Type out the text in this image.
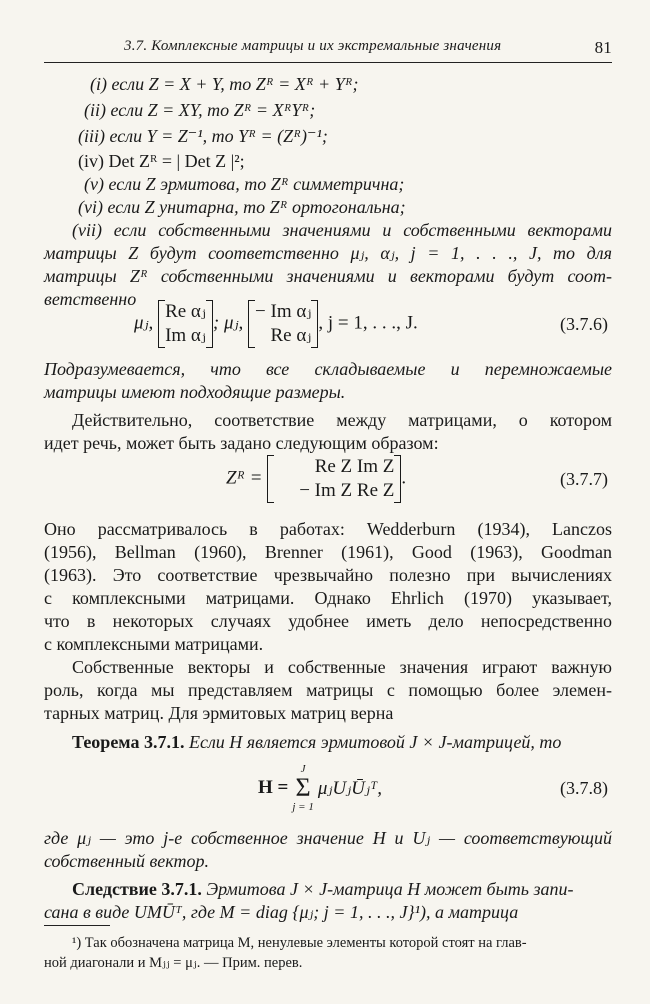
3.7. Комплексные матрицы и их экстремальные значения	81
(i) если Z = X + Y, то Zᴿ = Xᴿ + Yᴿ;
(ii) если Z = XY, то Zᴿ = XᴿYᴿ;
(iii) если Y = Z⁻¹, то Yᴿ = (Zᴿ)⁻¹;
(iv) Det Zᴿ = | Det Z |²;
(v) если Z эрмитова, то Zᴿ симметрична;
(vi) если Z унитарна, то Zᴿ ортогональна;
(vii) если собственными значениями и собственными векторами
матрицы Z будут соответственно μⱼ, αⱼ, j = 1, . . ., J, то для
матрицы Zᴿ собственными значениями и векторами будут соот-
ветственно
μⱼ,
Re αⱼ
Im αⱼ
; μⱼ,
− Im αⱼ
Re αⱼ
, j = 1, . . ., J.	(3.7.6)
Подразумевается, что все складываемые и перемножаемые
матрицы имеют подходящие размеры.
Действительно, соответствие между матрицами, о котором
идет речь, может быть задано следующим образом:
Zᴿ =
Re Z Im Z
− Im Z Re Z
.	(3.7.7)
Оно рассматривалось в работах: Wedderburn (1934), Lanczos
(1956), Bellman (1960), Brenner (1961), Good (1963), Goodman
(1963). Это соответствие чрезвычайно полезно при вычислениях
с комплексными матрицами. Однако Ehrlich (1970) указывает,
что в некоторых случаях удобнее иметь дело непосредственно
с комплексными матрицами.
Собственные векторы и собственные значения играют важную
роль, когда мы представляем матрицы с помощью более элемен-
тарных матриц. Для эрмитовых матриц верна
Теорема 3.7.1. Если H является эрмитовой J × J-матрицей, то
H =
J
Σ
j = 1
μⱼUⱼŪⱼᵀ,	(3.7.8)
где μⱼ — это j-е собственное значение H и Uⱼ — соответствующий
собственный вектор.
Следствие 3.7.1. Эрмитова J × J-матрица H может быть запи-
сана в виде UMŪᵀ, где M = diag {μⱼ; j = 1, . . ., J}¹), а матрица
¹) Так обозначена матрица M, ненулевые элементы которой стоят на глав-
ной диагонали и Mⱼⱼ = μⱼ. — Прим. перев.
